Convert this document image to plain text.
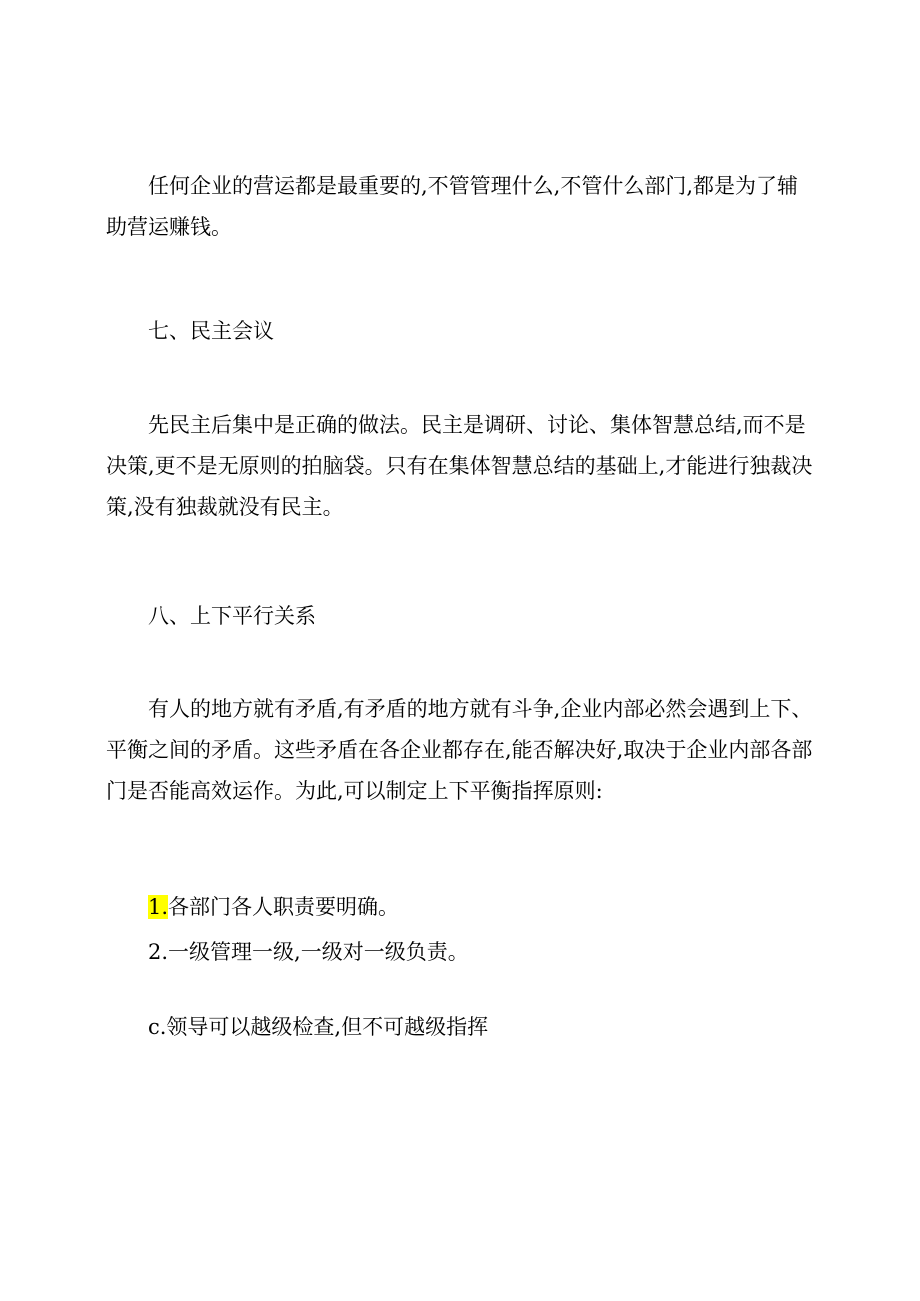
任何企业的营运都是最重要的,不管管理什么,不管什么部门,都是为了辅助营运赚钱。

七、民主会议

先民主后集中是正确的做法。民主是调研、讨论、集体智慧总结,而不是决策,更不是无原则的拍脑袋。只有在集体智慧总结的基础上,才能进行独裁决策,没有独裁就没有民主。

八、上下平行关系

有人的地方就有矛盾,有矛盾的地方就有斗争,企业内部必然会遇到上下、平衡之间的矛盾。这些矛盾在各企业都存在,能否解决好,取决于企业内部各部门是否能高效运作。为此,可以制定上下平衡指挥原则:

1.各部门各人职责要明确。

2.一级管理一级,一级对一级负责。

c.领导可以越级检查,但不可越级指挥
